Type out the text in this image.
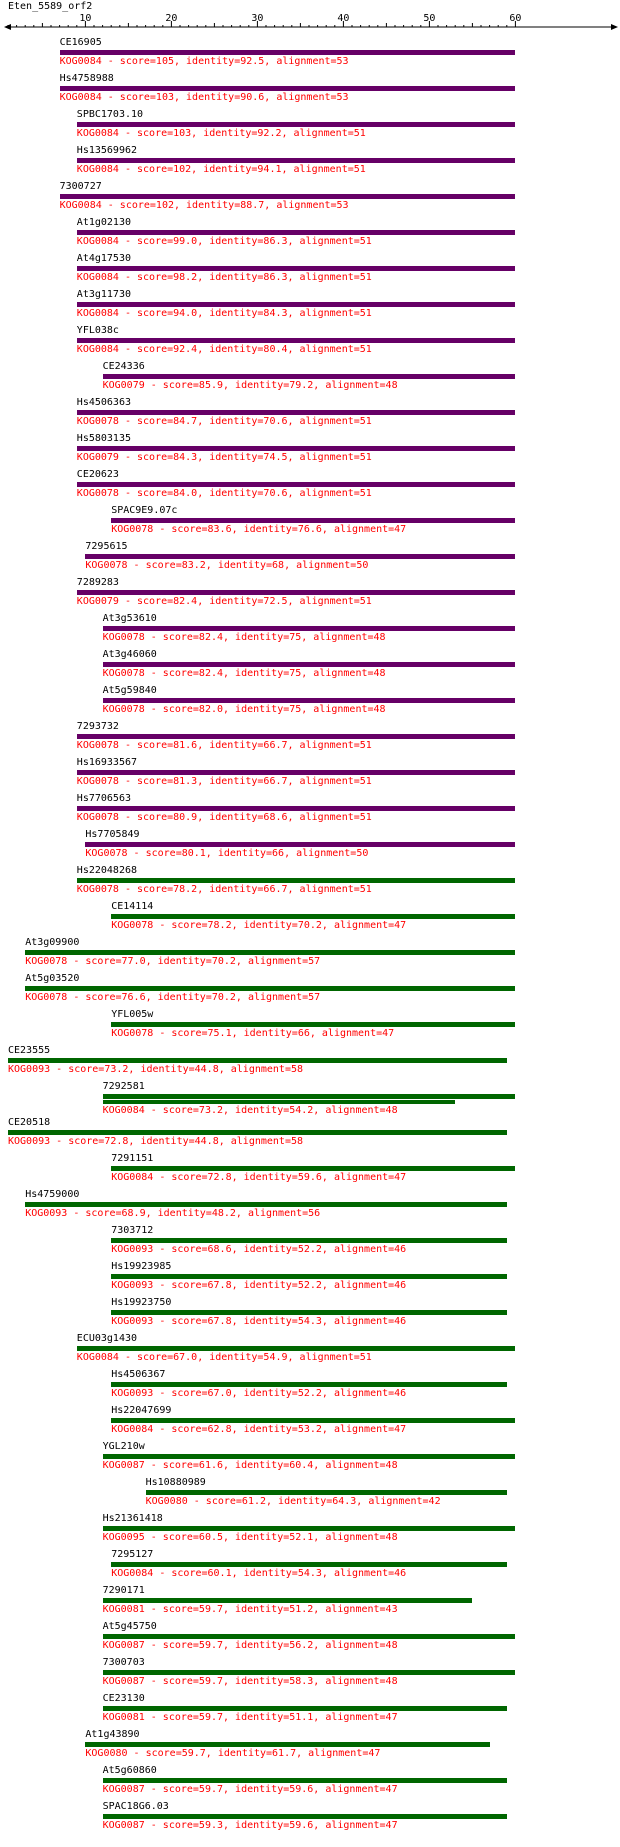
Eten_5589_orf2
10	20	30	40	50	60
CE16905
KOG0084 - score=105, identity=92.5, alignment=53
Hs4758988
KOG0084 - score=103, identity=90.6, alignment=53
SPBC1703.10
KOG0084 - score=103, identity=92.2, alignment=51
Hs13569962
KOG0084 - score=102, identity=94.1, alignment=51
7300727
KOG0084 - score=102, identity=88.7, alignment=53
At1g02130
KOG0084 - score=99.0, identity=86.3, alignment=51
At4g17530
KOG0084 - score=98.2, identity=86.3, alignment=51
At3g11730
KOG0084 - score=94.0, identity=84.3, alignment=51
YFL038c
KOG0084 - score=92.4, identity=80.4, alignment=51
CE24336
KOG0079 - score=85.9, identity=79.2, alignment=48
Hs4506363
KOG0078 - score=84.7, identity=70.6, alignment=51
Hs5803135
KOG0079 - score=84.3, identity=74.5, alignment=51
CE20623
KOG0078 - score=84.0, identity=70.6, alignment=51
SPAC9E9.07c
KOG0078 - score=83.6, identity=76.6, alignment=47
7295615
KOG0078 - score=83.2, identity=68, alignment=50
7289283
KOG0079 - score=82.4, identity=72.5, alignment=51
At3g53610
KOG0078 - score=82.4, identity=75, alignment=48
At3g46060
KOG0078 - score=82.4, identity=75, alignment=48
At5g59840
KOG0078 - score=82.0, identity=75, alignment=48
7293732
KOG0078 - score=81.6, identity=66.7, alignment=51
Hs16933567
KOG0078 - score=81.3, identity=66.7, alignment=51
Hs7706563
KOG0078 - score=80.9, identity=68.6, alignment=51
Hs7705849
KOG0078 - score=80.1, identity=66, alignment=50
Hs22048268
KOG0078 - score=78.2, identity=66.7, alignment=51
CE14114
KOG0078 - score=78.2, identity=70.2, alignment=47
At3g09900
KOG0078 - score=77.0, identity=70.2, alignment=57
At5g03520
KOG0078 - score=76.6, identity=70.2, alignment=57
YFL005w
KOG0078 - score=75.1, identity=66, alignment=47
CE23555
KOG0093 - score=73.2, identity=44.8, alignment=58
7292581
KOG0084 - score=73.2, identity=54.2, alignment=48
CE20518
KOG0093 - score=72.8, identity=44.8, alignment=58
7291151
KOG0084 - score=72.8, identity=59.6, alignment=47
Hs4759000
KOG0093 - score=68.9, identity=48.2, alignment=56
7303712
KOG0093 - score=68.6, identity=52.2, alignment=46
Hs19923985
KOG0093 - score=67.8, identity=52.2, alignment=46
Hs19923750
KOG0093 - score=67.8, identity=54.3, alignment=46
ECU03g1430
KOG0084 - score=67.0, identity=54.9, alignment=51
Hs4506367
KOG0093 - score=67.0, identity=52.2, alignment=46
Hs22047699
KOG0084 - score=62.8, identity=53.2, alignment=47
YGL210w
KOG0087 - score=61.6, identity=60.4, alignment=48
Hs10880989
KOG0080 - score=61.2, identity=64.3, alignment=42
Hs21361418
KOG0095 - score=60.5, identity=52.1, alignment=48
7295127
KOG0084 - score=60.1, identity=54.3, alignment=46
7290171
KOG0081 - score=59.7, identity=51.2, alignment=43
At5g45750
KOG0087 - score=59.7, identity=56.2, alignment=48
7300703
KOG0087 - score=59.7, identity=58.3, alignment=48
CE23130
KOG0081 - score=59.7, identity=51.1, alignment=47
At1g43890
KOG0080 - score=59.7, identity=61.7, alignment=47
At5g60860
KOG0087 - score=59.7, identity=59.6, alignment=47
SPAC18G6.03
KOG0087 - score=59.3, identity=59.6, alignment=47
